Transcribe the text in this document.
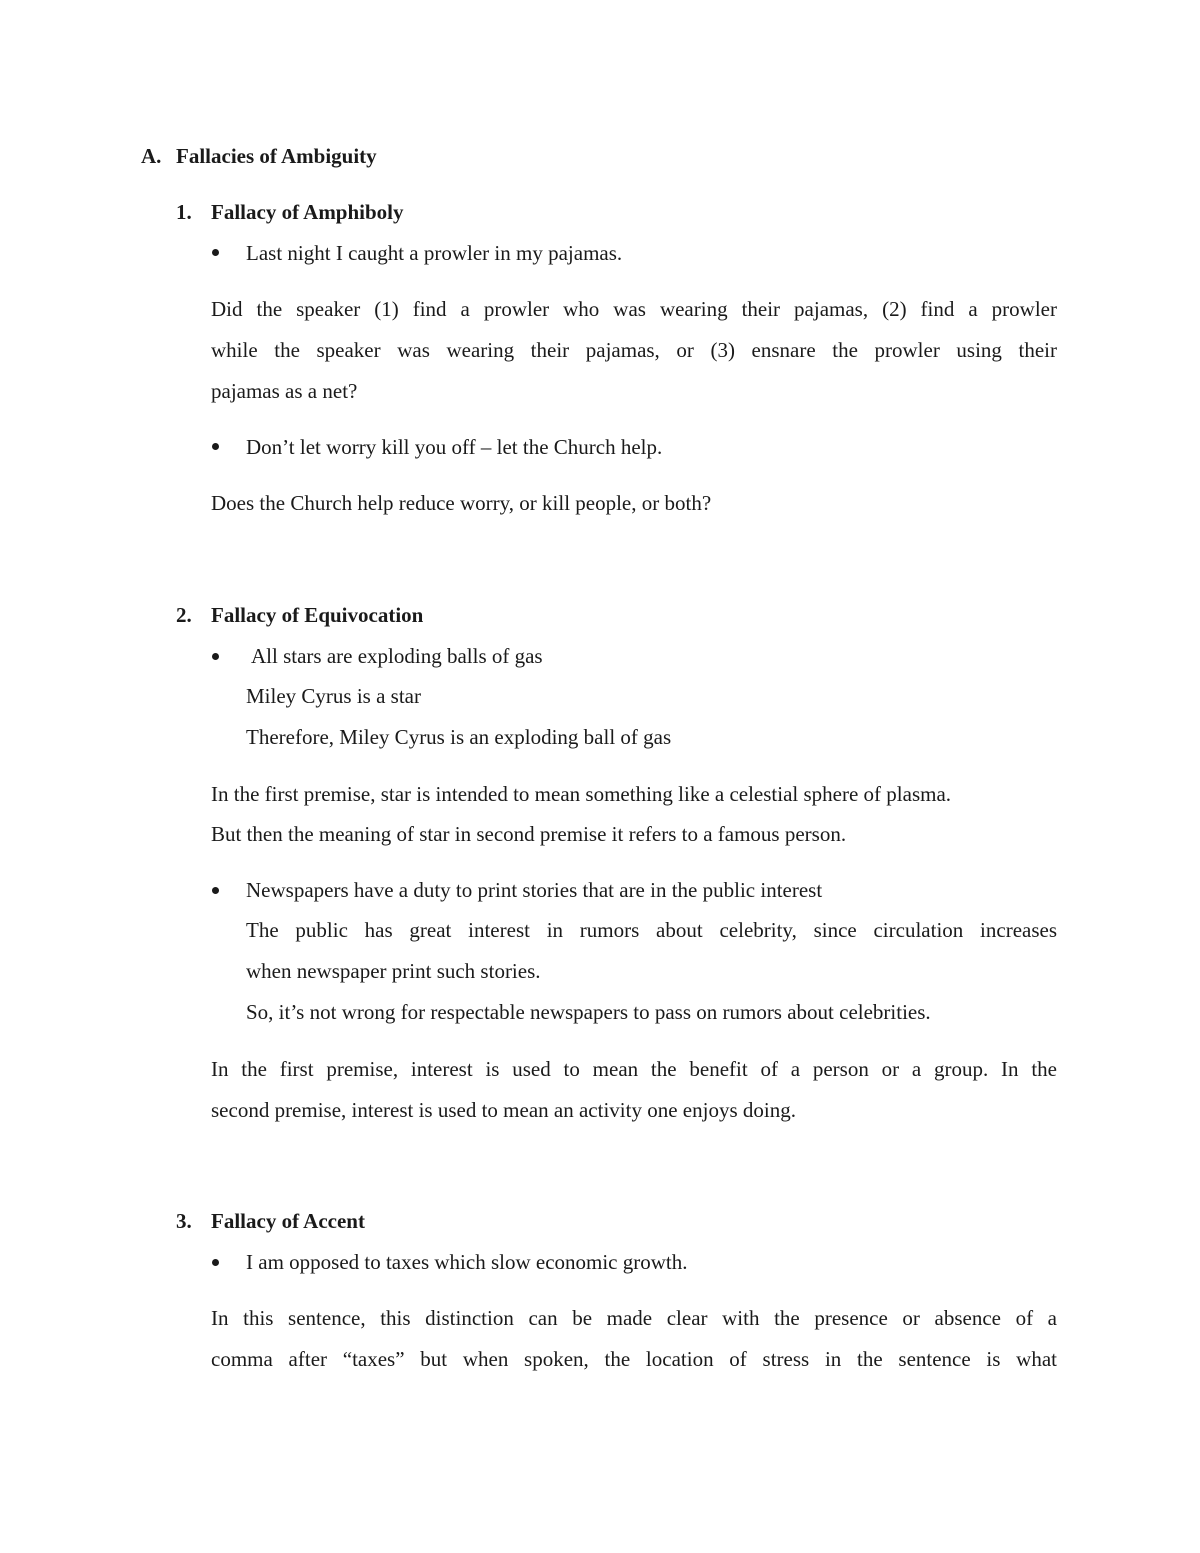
A. Fallacies of Ambiguity
1. Fallacy of Amphiboly
Last night I caught a prowler in my pajamas.
Did the speaker (1) find a prowler who was wearing their pajamas, (2) find a prowler
while the speaker was wearing their pajamas, or (3) ensnare the prowler using their
pajamas as a net?
Don’t let worry kill you off – let the Church help.
Does the Church help reduce worry, or kill people, or both?
2. Fallacy of Equivocation
All stars are exploding balls of gas
Miley Cyrus is a star
Therefore, Miley Cyrus is an exploding ball of gas
In the first premise, star is intended to mean something like a celestial sphere of plasma.
But then the meaning of star in second premise it refers to a famous person.
Newspapers have a duty to print stories that are in the public interest
The public has great interest in rumors about celebrity, since circulation increases
when newspaper print such stories.
So, it’s not wrong for respectable newspapers to pass on rumors about celebrities.
In the first premise, interest is used to mean the benefit of a person or a group. In the
second premise, interest is used to mean an activity one enjoys doing.
3. Fallacy of Accent
I am opposed to taxes which slow economic growth.
In this sentence, this distinction can be made clear with the presence or absence of a
comma after “taxes” but when spoken, the location of stress in the sentence is what
